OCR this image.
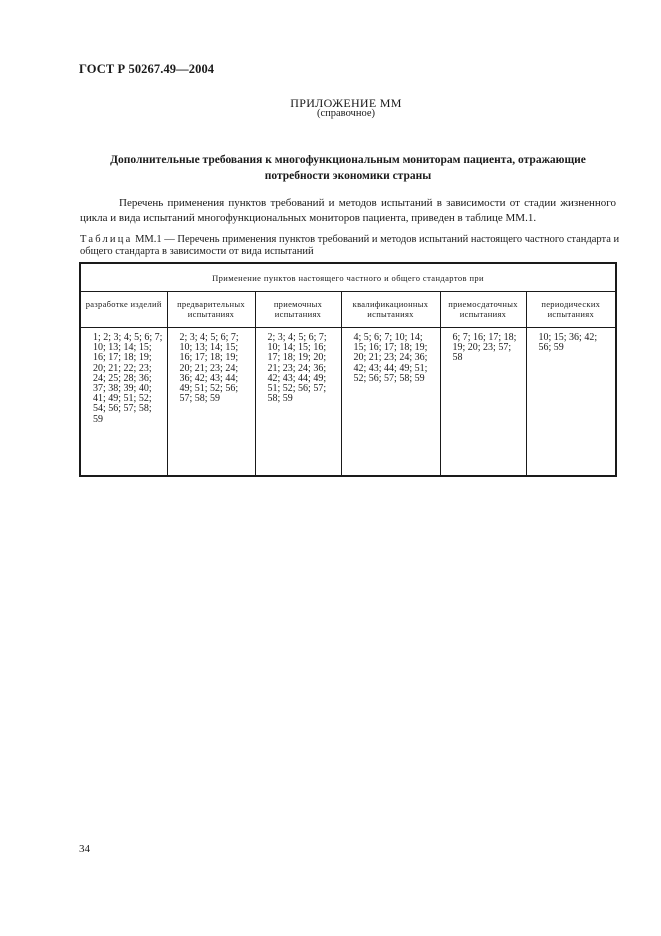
ГОСТ Р 50267.49—2004
ПРИЛОЖЕНИЕ ММ
(справочное)
Дополнительные требования к многофункциональным мониторам пациента, отражающие потребности экономики страны

Перечень применения пунктов требований и методов испытаний в зависимости от стадии жизненного цикла и вида испытаний многофункциональных мониторов пациента, приведен в таблице ММ.1.

Таблица ММ.1 — Перечень применения пунктов требований и методов испытаний настоящего частного стандарта и общего стандарта в зависимости от вида испытаний
Применение пунктов настоящего частного и общего стандартов при					
разработке изделий	предварительных испытаниях	приемочных испытаниях	квалификационных испытаниях	приемосдаточных испытаниях	периодических испытаниях

1; 2; 3; 4; 5; 6; 7; 10; 13; 14; 15; 16; 17; 18; 19; 20; 21; 22; 23; 24; 25; 28; 36; 37; 38; 39; 40; 41; 49; 51; 52; 54; 56; 57; 58; 59	2; 3; 4; 5; 6; 7; 10; 13; 14; 15; 16; 17; 18; 19; 20; 21; 23; 24; 36; 42; 43; 44; 49; 51; 52; 56; 57; 58; 59	2; 3; 4; 5; 6; 7; 10; 14; 15; 16; 17; 18; 19; 20; 21; 23; 24; 36; 42; 43; 44; 49; 51; 52; 56; 57; 58; 59	4; 5; 6; 7; 10; 14; 15; 16; 17; 18; 19; 20; 21; 23; 24; 36; 42; 43; 44; 49; 51; 52; 56; 57; 58; 59	6; 7; 16; 17; 18; 19; 20; 23; 57; 58	10; 15; 36; 42; 56; 59
34
